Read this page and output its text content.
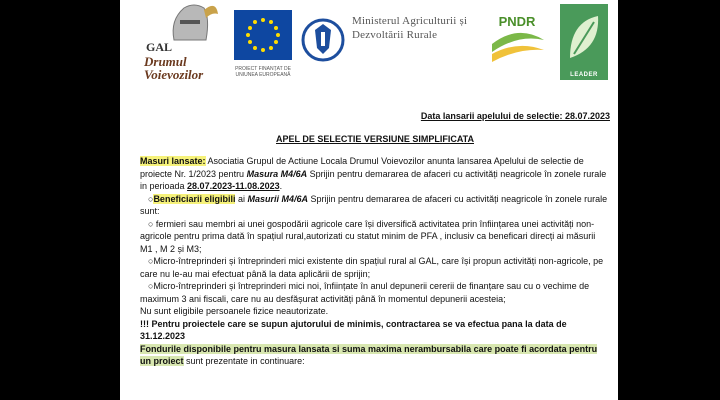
GAL
Drumul
Voievozilor	PROIECT FINANȚAT DE UNIUNEA EUROPEANĂ
Ministerul Agriculturii și Dezvoltării Rurale
PNDR
LEADER

Data lansarii apelului de selectie: 28.07.2023

APEL DE SELECTIE VERSIUNE SIMPLIFICATA

Masuri lansate: Asociatia Grupul de Actiune Locala Drumul Voievozilor anunta lansarea Apelului de selectie de proiecte Nr. 1/2023 pentru Masura M4/6A Sprijin pentru demararea de afaceri cu activități neagricole în zonele rurale in perioada 28.07.2023-11.08.2023.

○Beneficiarii eligibili ai Masurii M4/6A Sprijin pentru demararea de afaceri cu activități neagricole în zonele rurale sunt:

○ fermieri sau membri ai unei gospodării agricole care își diversifică activitatea prin înființarea unei activități non-agricole pentru prima dată în spațiul rural,autorizati cu statut minim de PFA , inclusiv ca beneficari direcți ai măsurii M1 , M 2 și M3;

○Micro-întreprinderi și întreprinderi mici existente din spațiul rural al GAL, care își propun activități non-agricole, pe care nu le-au mai efectuat până la data aplicării de sprijin;

○Micro-întreprinderi și întreprinderi mici noi, înființate în anul depunerii cererii de finanțare sau cu o vechime de maximum 3 ani fiscali, care nu au desfășurat activități până în momentul depunerii acesteia;

Nu sunt eligibile persoanele fizice neautorizate.

!!! Pentru proiectele care se supun ajutorului de minimis, contractarea se va efectua pana la data de 31.12.2023

Fondurile disponibile pentru masura lansata si suma maxima nerambursabila care poate fi acordata pentru un proiect sunt prezentate in continuare:
